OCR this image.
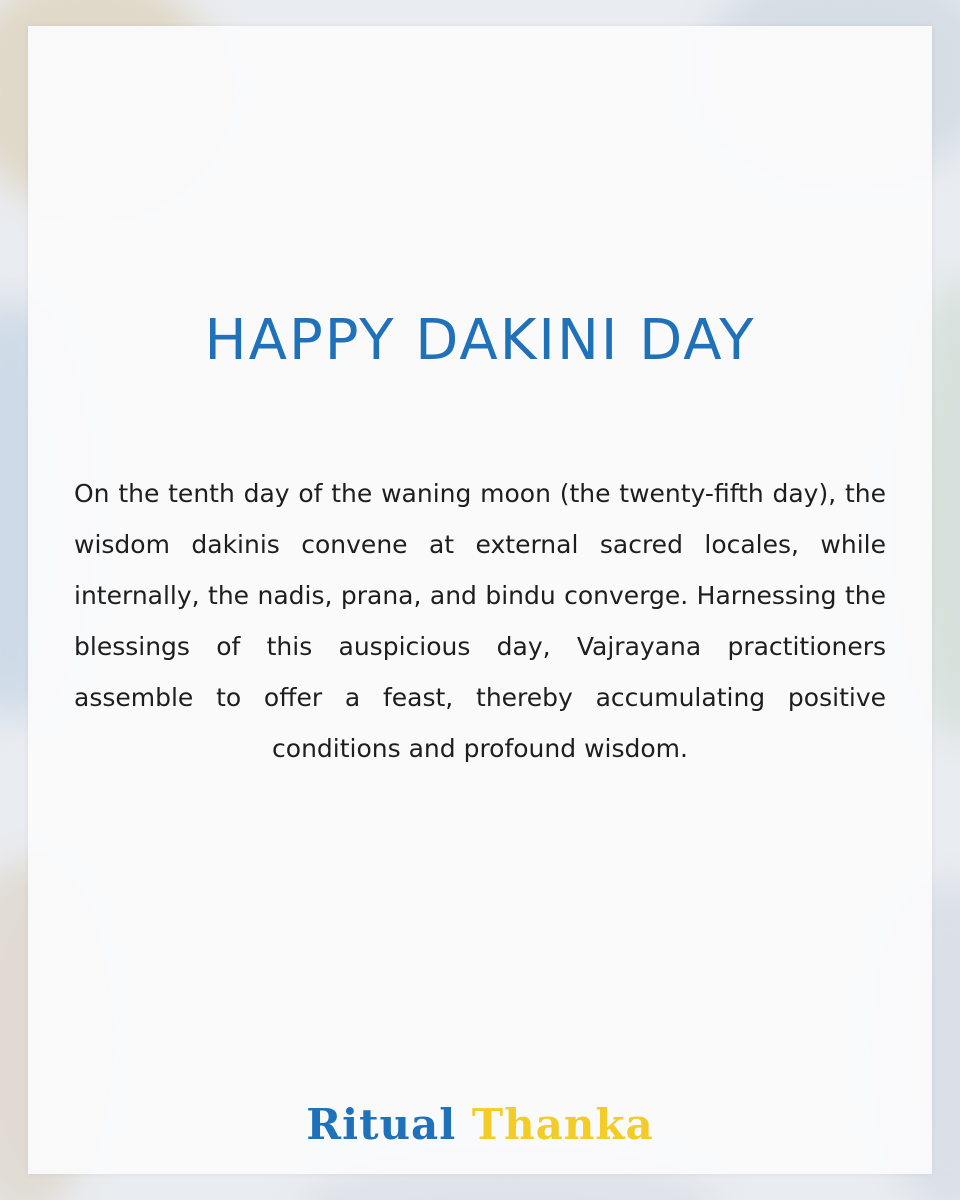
HAPPY DAKINI DAY

On the tenth day of the waning moon (the twenty-fifth day), the wisdom dakinis convene at external sacred locales, while internally, the nadis, prana, and bindu converge. Harnessing the blessings of this auspicious day, Vajrayana practitioners assemble to offer a feast, thereby accumulating positive conditions and profound wisdom.

Ritual Thanka
